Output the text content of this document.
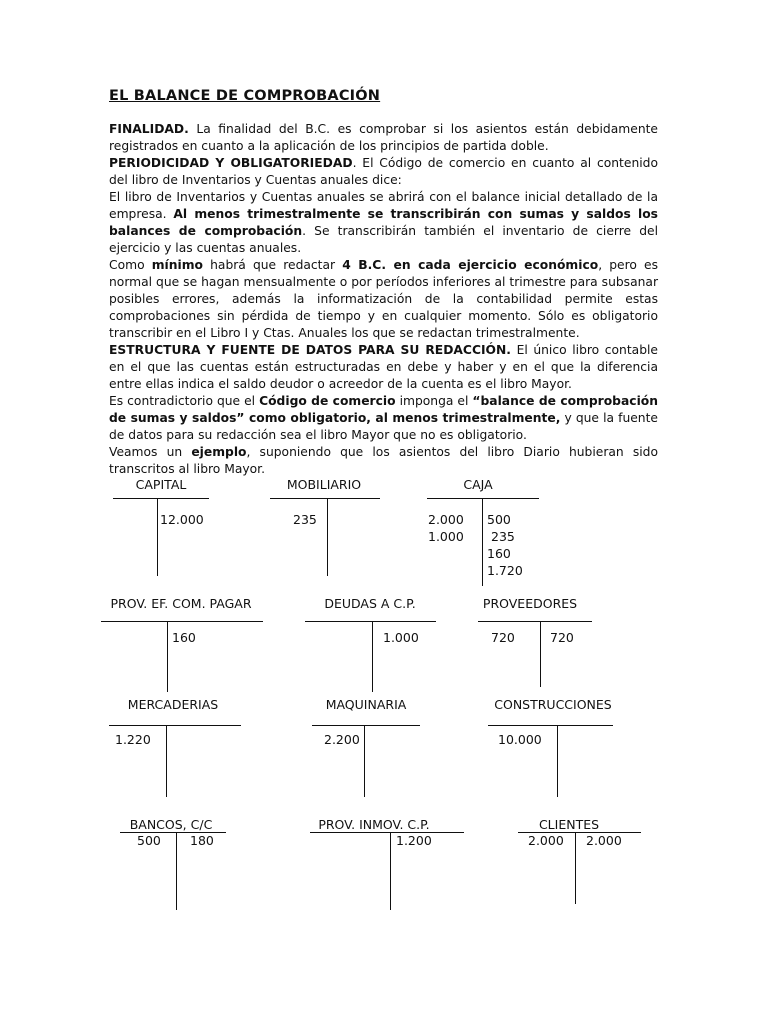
EL BALANCE DE COMPROBACIÓN

FINALIDAD. La finalidad del B.C. es comprobar si los asientos están debidamente registrados en cuanto a la aplicación de los principios de partida doble.

PERIODICIDAD Y OBLIGATORIEDAD. El Código de comercio en cuanto al contenido del libro de Inventarios y Cuentas anuales dice:

El libro de Inventarios y Cuentas anuales se abrirá con el balance inicial detallado de la empresa. Al menos trimestralmente se transcribirán con sumas y saldos los balances de comprobación. Se transcribirán también el inventario de cierre del ejercicio y las cuentas anuales.

Como mínimo habrá que redactar 4 B.C. en cada ejercicio económico, pero es normal que se hagan mensualmente o por períodos inferiores al trimestre para subsanar posibles errores, además la informatización de la contabilidad permite estas comprobaciones sin pérdida de tiempo y en cualquier momento. Sólo es obligatorio transcribir en el Libro I y Ctas. Anuales los que se redactan trimestralmente.

ESTRUCTURA Y FUENTE DE DATOS PARA SU REDACCIÓN. El único libro contable en el que las cuentas están estructuradas en debe y haber y en el que la diferencia entre ellas indica el saldo deudor o acreedor de la cuenta es el libro Mayor.

Es contradictorio que el Código de comercio imponga el “balance de comprobación de sumas y saldos” como obligatorio, al menos trimestralmente, y que la fuente de datos para su redacción sea el libro Mayor que no es obligatorio.

Veamos un ejemplo, suponiendo que los asientos del libro Diario hubieran sido transcritos al libro Mayor.

CAPITAL
12.000
MOBILIARIO
235
CAJA
2.000
1.000
500
235
160
1.720
PROV. EF. COM. PAGAR
160
DEUDAS A C.P.
1.000
PROVEEDORES
720	720
MERCADERIAS
1.220
MAQUINARIA
2.200
CONSTRUCCIONES
10.000
BANCOS, C/C
500 180
PROV. INMOV. C.P.
1.200
CLIENTES
2.000 2.000
